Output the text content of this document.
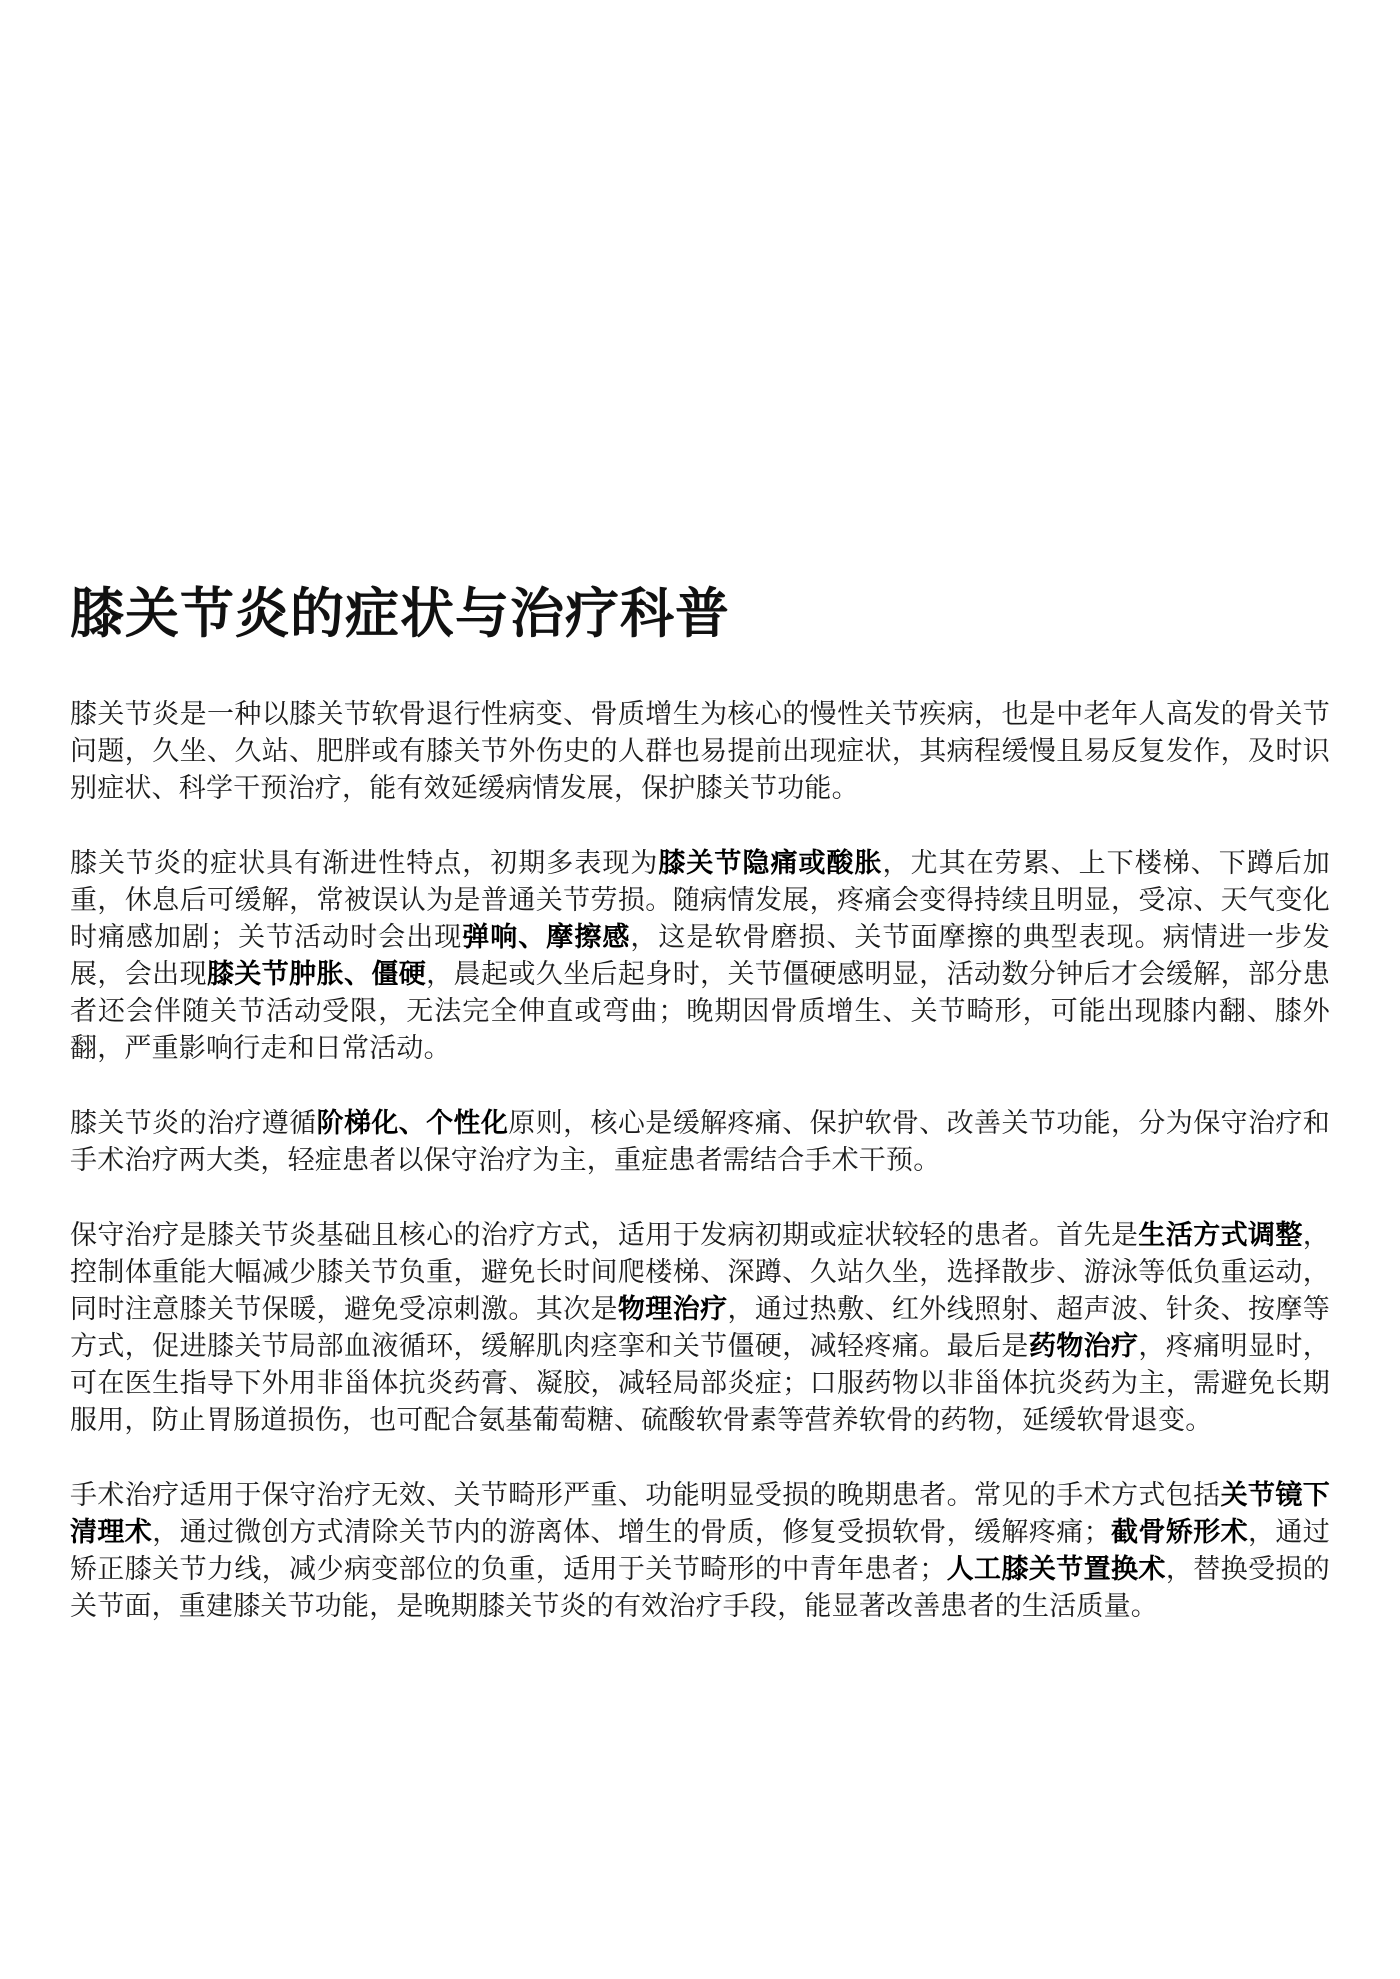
膝关节炎的症状与治疗科普

膝关节炎是一种以膝关节软骨退行性病变、骨质增生为核心的慢性关节疾病，也是中老年人高发的骨关节问题，久坐、久站、肥胖或有膝关节外伤史的人群也易提前出现症状，其病程缓慢且易反复发作，及时识别症状、科学干预治疗，能有效延缓病情发展，保护膝关节功能。

膝关节炎的症状具有渐进性特点，初期多表现为膝关节隐痛或酸胀，尤其在劳累、上下楼梯、下蹲后加重，休息后可缓解，常被误认为是普通关节劳损。随病情发展，疼痛会变得持续且明显，受凉、天气变化时痛感加剧；关节活动时会出现弹响、摩擦感，这是软骨磨损、关节面摩擦的典型表现。病情进一步发展，会出现膝关节肿胀、僵硬，晨起或久坐后起身时，关节僵硬感明显，活动数分钟后才会缓解，部分患者还会伴随关节活动受限，无法完全伸直或弯曲；晚期因骨质增生、关节畸形，可能出现膝内翻、膝外翻，严重影响行走和日常活动。

膝关节炎的治疗遵循阶梯化、个性化原则，核心是缓解疼痛、保护软骨、改善关节功能，分为保守治疗和手术治疗两大类，轻症患者以保守治疗为主，重症患者需结合手术干预。

保守治疗是膝关节炎基础且核心的治疗方式，适用于发病初期或症状较轻的患者。首先是生活方式调整，控制体重能大幅减少膝关节负重，避免长时间爬楼梯、深蹲、久站久坐，选择散步、游泳等低负重运动，同时注意膝关节保暖，避免受凉刺激。其次是物理治疗，通过热敷、红外线照射、超声波、针灸、按摩等方式，促进膝关节局部血液循环，缓解肌肉痉挛和关节僵硬，减轻疼痛。最后是药物治疗，疼痛明显时，可在医生指导下外用非甾体抗炎药膏、凝胶，减轻局部炎症；口服药物以非甾体抗炎药为主，需避免长期服用，防止胃肠道损伤，也可配合氨基葡萄糖、硫酸软骨素等营养软骨的药物，延缓软骨退变。

手术治疗适用于保守治疗无效、关节畸形严重、功能明显受损的晚期患者。常见的手术方式包括关节镜下清理术，通过微创方式清除关节内的游离体、增生的骨质，修复受损软骨，缓解疼痛；截骨矫形术，通过矫正膝关节力线，减少病变部位的负重，适用于关节畸形的中青年患者；人工膝关节置换术，替换受损的关节面，重建膝关节功能，是晚期膝关节炎的有效治疗手段，能显著改善患者的生活质量。
